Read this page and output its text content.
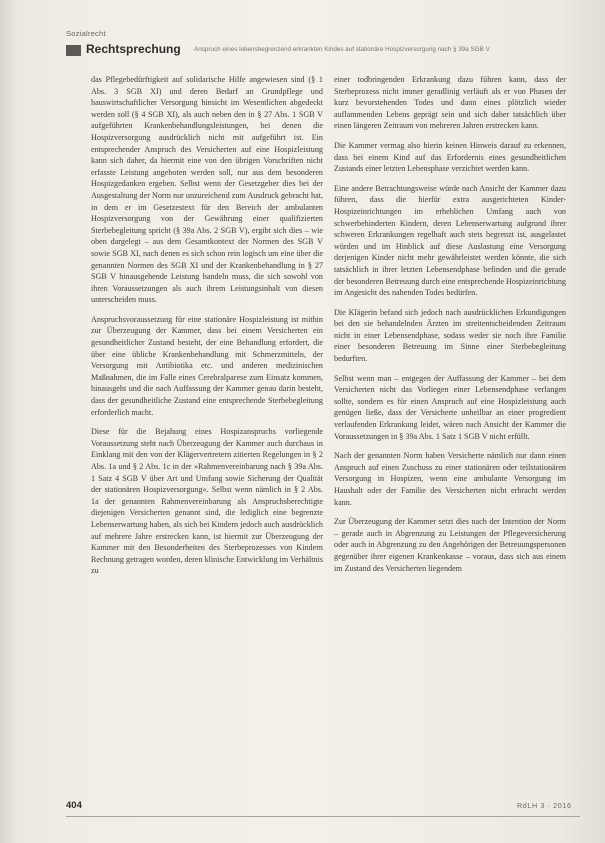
Sozialrecht
Rechtsprechung Anspruch eines lebensbegrenzend erkrankten Kindes auf stationäre Hospizversorgung nach § 39a SGB V

das Pflegebedürftigkeit auf solidarische Hilfe angewiesen sind (§ 1 Abs. 3 SGB XI) und deren Bedarf an Grundpflege und hauswirtschaftlicher Versorgung hinsicht im Wesentlichen abgedeckt werden soll (§ 4 SGB XI), als auch neben den in § 27 Abs. 1 SGB V aufgeführten Krankenbehandlungsleistungen, bei denen die Hospizversorgung ausdrücklich nicht mit aufgeführt ist. Ein entsprechender Anspruch des Versicherten auf eine Hospizleistung kann sich daher, da hiermit eine von den übrigen Vorschriften nicht erfasste Leistung angeboten werden soll, nur aus dem besonderen Hospizgedanken ergeben. Selbst wenn der Gesetzgeber dies bei der Ausgestaltung der Norm nur unzureichend zum Ausdruck gebracht hat, in dem er im Gesetzestext für den Bereich der ambulanten Hospizversorgung von der Gewährung einer qualifizierten Sterbebegleitung spricht (§ 39a Abs. 2 SGB V), ergibt sich dies – wie oben dargelegt – aus dem Gesamtkontext der Normen des SGB V sowie SGB XI, nach denen es sich schon rein logisch um eine über die genannten Normen des SGB XI und der Krankenbehandlung in § 27 SGB V hinausgehende Leistung handeln muss, die sich sowohl von ihren Voraussetzungen als auch ihrem Leistungsinhalt von diesen unterscheiden muss.

Anspruchsvoraussetzung für eine stationäre Hospizleistung ist mithin zur Überzeugung der Kammer, dass bei einem Versicherten ein gesundheitlicher Zustand besteht, der eine Behandlung erfordert, die über eine übliche Krankenbehandlung mit Schmerzmitteln, der Versorgung mit Antibiotika etc. und anderen medizinischen Maßnahmen, die im Falle eines Cerebralparese zum Einsatz kommen, hinausgeht und die nach Auffassung der Kammer genau darin besteht, dass der gesundheitliche Zustand eine entsprechende Sterbebegleitung erforderlich macht.

Diese für die Bejahung eines Hospizanspruchs vorliegende Voraussetzung steht nach Überzeugung der Kammer auch durchaus in Einklang mit den von der Klägervertretern zitierten Regelungen in § 2 Abs. 1a und § 2 Abs. 1c in der »Rahmenvereinbarung nach § 39a Abs. 1 Satz 4 SGB V über Art und Umfang sowie Sicherung der Qualität der stationären Hospizversorgung«. Selbst wenn nämlich in § 2 Abs. 1a der genannten Rahmenvereinbarung als Anspruchsberechtigte diejenigen Versicherten genannt sind, die lediglich eine begrenzte Lebenserwartung haben, als sich bei Kindern jedoch auch ausdrücklich auf mehrere Jahre erstrecken kann, ist hiermit zur Überzeugung der Kammer mit den Besonderheiten des Sterbeprozesses von Kindern Rechnung getragen worden, deren klinische Entwicklung im Verhältnis zu

einer todbringenden Erkrankung dazu führen kann, dass der Sterbeprozess nicht immer geradlinig verläuft als er von Phasen der kurz bevorstehenden Todes und dann eines plötzlich wieder auflammenden Lebens geprägt sein und sich daher tatsächlich über einen längeren Zeitraum von mehreren Jahren erstrecken kann.

Die Kammer vermag also hierin keinen Hinweis darauf zu erkennen, dass bei einem Kind auf das Erfordernis eines gesundheitlichen Zustands einer letzten Lebensphase verzichtet werden kann.

Eine andere Betrachtungsweise würde nach Ansicht der Kammer dazu führen, dass die hierfür extra ausgerichteten Kinder-Hospizeinrichtungen im erheblichen Umfang auch von schwerbehinderten Kindern, deren Lebenserwartung aufgrund ihrer schweren Erkrankungen regelhaft auch stets begrenzt ist, ausgelastet würden und im Hinblick auf diese Auslastung eine Versorgung derjenigen Kinder nicht mehr gewährleistet werden könnte, die sich tatsächlich in ihrer letzten Lebensendphase befinden und die gerade der besonderen Betreuung durch eine entsprechende Hospizeinrichtung im Angesicht des nahenden Todes bedürfen.

Die Klägerin befand sich jedoch nach ausdrücklichen Erkundigungen bei den sie behandelnden Ärzten im streitentscheidenden Zeitraum nicht in einer Lebensendphase, sodass weder sie noch ihre Familie einer besonderen Betreuung im Sinne einer Sterbebegleitung bedurften.

Selbst wenn man – entgegen der Auffassung der Kammer – bei dem Versicherten nicht das Vorliegen einer Lebensendphase verlangen sollte, sondern es für einen Anspruch auf eine Hospizleistung auch genügen ließe, dass der Versicherte unheilbar an einer progredient verlaufenden Erkrankung leidet, wären nach Ansicht der Kammer die Voraussetzungen in § 39a Abs. 1 Satz 1 SGB V nicht erfüllt.

Nach der genannten Norm haben Versicherte nämlich nur dann einen Anspruch auf einen Zuschuss zu einer stationären oder teilstationären Versorgung in Hospizen, wenn eine ambulante Versorgung im Haushalt oder der Familie des Versicherten nicht erbracht werden kann.

Zur Überzeugung der Kammer setzt dies nach der Intention der Norm – gerade auch in Abgrenzung zu Leistungen der Pflegeversicherung oder auch in Abgrenzung zu den Angehörigen der Betreuungspersonen gegenüber ihrer eigenen Krankenkasse – voraus, dass sich aus einem im Zustand des Versicherten liegendem

404	RdLH 3 · 2016
